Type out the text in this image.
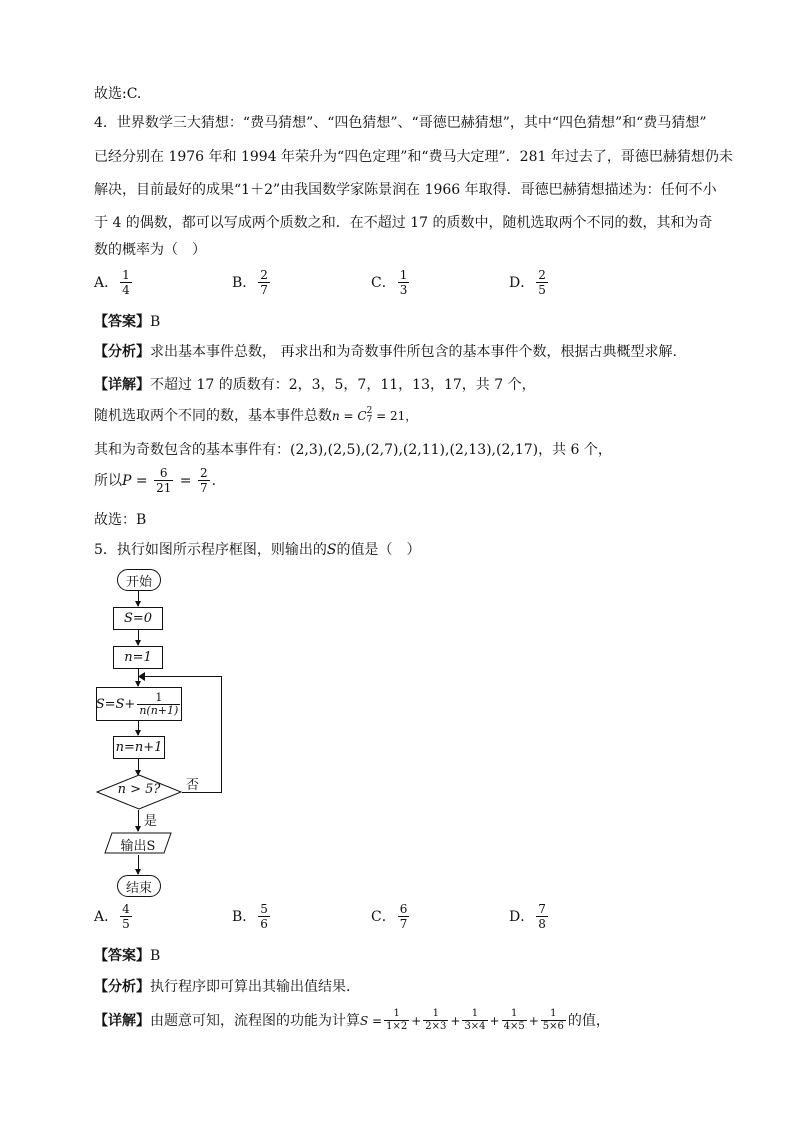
故选:C.
4．世界数学三大猜想：“费马猜想”、“四色猜想”、“哥德巴赫猜想”，其中“四色猜想”和“费马猜想”
已经分别在 1976 年和 1994 年荣升为“四色定理”和“费马大定理”．281 年过去了，哥德巴赫猜想仍未
解决，目前最好的成果“1＋2”由我国数学家陈景润在 1966 年取得．哥德巴赫猜想描述为：任何不小
于 4 的偶数，都可以写成两个质数之和．在不超过 17 的质数中，随机选取两个不同的数，其和为奇
数的概率为（　）
A． $\frac{1}{4}$	B． $\frac{2}{7}$	C． $\frac{1}{3}$	D． $\frac{2}{5}$
【答案】B
【分析】求出基本事件总数， 再求出和为奇数事件所包含的基本事件个数，根据古典概型求解.
【详解】不超过 17 的质数有：2，3，5，7，11，13，17，共 7 个，
随机选取两个不同的数，基本事件总数n = C 2
7 = 21，
其和为奇数包含的基本事件有：(2,3),(2,5),(2,7),(2,11),(2,13),(2,17)，共 6 个，
所以 $P = \frac{6}{21} = \frac{2}{7}$ .
故选：B
5．执行如图所示程序框图，则输出的S的值是（　）
开始
S=0
n=1
$S=S+ \frac{1}{n(n+1)}$
n=n+1
n > 5?	否
是
输出S
结束
A． $\frac{4}{5}$	B． $\frac{5}{6}$	C． $\frac{6}{7}$	D． $\frac{7}{8}$
【答案】B
【分析】执行程序即可算出其输出值结果.
【详解】 由题意可知，流程图的功能为计算 $S = \frac{1}{1\times 2} + \frac{1}{2\times 3} + \frac{1}{3\times 4} + \frac{1}{4\times 5} + \frac{1}{5\times 6}$ 的值，
